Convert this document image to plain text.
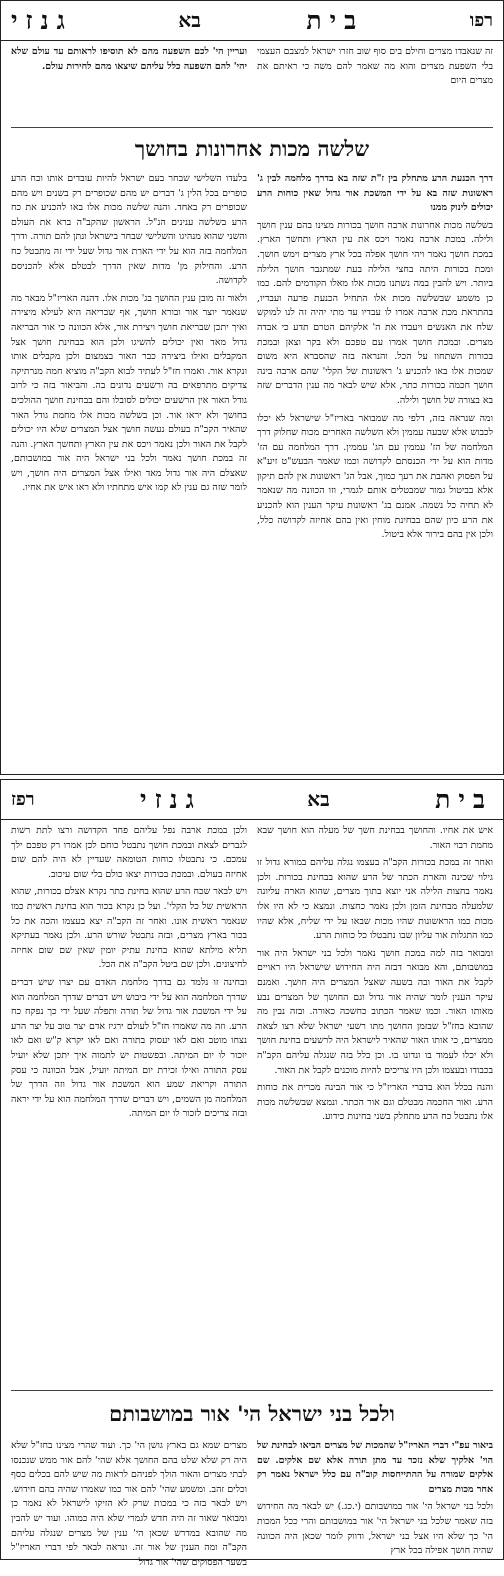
גנזי	בא	בית	רפו

זה שנאבדו מצרים וחילם בים סוף שוב חזרו ישראל למצבם העצמי בלי השפעת מצרים והוא מה שאמר להם משה כי ראיתם את מצרים היום

ועריין הי' לכם השפעה מהם לא תוסיפו לראותם עד עולם שלא יהי' להם השפעה כלל עליהם שיצאו מהם לחירות עולם.

שלשה מכות אחרונות בחושך

דרך הכנעת הרע מתחלק בין ז"ת שזה בא בדרך מלחמה לבין ג' ראשונות שזה בא על ידי המשכת אור גדול שאין כוחות הרע יכולים לינוק ממנו

בשלשה מכות אחרונות ארבה חושך בכורות מצינו בהם ענין חושך ולילה. במכת ארבה נאמר ויכס את עין הארץ ותחשך הארץ. במכת חושך נאמר ויהי חושך אפלה בכל ארץ מצרים וימש חושך. ומכת בכורות היתה בחצי הלילה בעת שמתגבר חושך הלילה ביותר. ויש להבין במה נשתנו מכות אלו מאלו הקודמים להם. כמו כן משמע שבשלשה מכות אלו התחיל הכנעת פרעה ועבדיו, בהתראת מכת ארבה אמרו לו עבדיו עד מתי יהיה זה לנו למוקש שלח את האנשים ויעבדו את ה' אלקיהם הטרם תדע כי אבדה מצרים. ובמכת חושך אמרו עם טפכם ולא בקר וצאן ובמכת בכורות השתחוו על הכל. והנראה בזה שהסברא היא משום שמכות אלו באו להכניע ג' ראשונות של הקלי' שהם ארבה בינה חושך חכמה בכורות כתר, אלא שיש לבאר מה ענין הדברים שזה בא בצורה של חושך ולילה.

ומה שנראה בזה, דלפי מה שמבואר באריז"ל שישראל לא יכלו לכבוש אלא שבעה עממין ולא השלשה האחרים מכוח שחלוק דרך המלחמה של הז' עממין עם הג' עממין. דרך המלחמה עם הז' מדות הוא על ידי הכנסתם לקדושה וכמו שאמר הבעש"ט זיע"א על הפסוק ואהבת את רעך כמוך, אבל הג' ראשונות אין להם תיקון אלא בביטול גמור שמבטלים אותם לגמרי, וזו הכוונה מה שנאמר לא תחיה כל נשמה. אמנם בג' ראשונות עיקר הענין הוא להכניע את הרע כיון שהם בבחינת מוחין ואין בהם אחיזה לקדושה כלל, ולכן אין בהם בירור אלא ביטול.

בלעדו השלישי שבחר בעם ישראל להיות עובדים אותו וכח הרע כופרים בכל הלין ג' דברים יש מהם שכופרים רק בשנים ויש מהם שכופרים רק באחד. והנה שלשה מכות אלו באו להכניע את כח הרע בשלשה ענינים הנ"ל. הראשון שהקב"ה ברא את העולם והשני שהוא מנהיגו והשלישי שבחר בישראל ונתן להם תורה. ודרך המלחמה בזה הוא על ידי הארת אור גדול שעל ידי זה מתבטל כח הרע. והחילוק מן' מדות שאין הדרך לבטלם אלא להכניסם לקדושה.

ולאור זה מובן ענין החושך בג' מכות אלו. דהנה האריז"ל מבאר מה שנאמר יוצר אור ובורא חושך, אף שבריאה היא לעילא מיצירה ואיך יתכן שבריאת חושך ויצירת אור, אלא הכוונה כי אור הבריאה גדול מאד ואין יכולים להשיגו ולכן הוא בבחינת חושך אצל המקבלים ואילו ביצירה כבר האור בצמצום ולכן מקבלים אותו ונקרא אור. ואמרו חז"ל לעתיד לבוא הקב"ה מוציא חמה מנרתיקה צדיקים מתרפאים בה ורשעים נדונים בה. והביאור בזה כי לרוב גודל האור אין הרשעים יכולים לסובלו והם בבחינת חושך ההולכים בחושך ולא יראו אור. וכן בשלשה מכות אלו מחמת גודל האור שהאיר הקב"ה בעולם נעשה חושך אצל המצרים שלא היו יכולים לקבל את האור ולכן נאמר ויכס את עין הארץ ותחשך הארץ. והנה זה במכת חושך נאמר ולכל בני ישראל היה אור במושבותם, שאצלם היה אור גדול מאד ואילו אצל המצרים היה חושך, ויש לומר שזה גם ענין לא קמו איש מתחתיו ולא ראו איש את אחיו.

רפז	גנזי	בא	בית

איש את אחיו. והחושך בבחינת חשך של מעלה הוא חושך שבא מחמת רבוי האור.

ואחר זה במכת בכורות הקב"ה בעצמו נגלה עליהם במורא גדול זו גילוי שכינה והארת הכתר של הרע שהוא בבחינת בכורות. ולכן נאמר בחצות הלילה אני יוצא בתוך מצרים, שהוא הארה עליונה שלמעלה מבחינת הזמן ולכן נאמר כחצות. ונמצא כי לא היו אלו מכות כמו הראשונות שהיו מכות שבאו על ידי שליח, אלא שהיו כמו התגלות אור עליון שבו נתבטלו כל כוחות הרע.

ומבואר בזה למה במכת חושך נאמר ולכל בני ישראל היה אור במושבותם, והא מבואר דבזה היה החידוש שישראל היו ראויים לקבל את האור ובה בשעה שאצל המצרים היה חושך. ואמנם עיקר הענין לומר שהיה אור גדול וגם החושך של המצרים נבע מאותו האור. וכמו שאמר הכתוב כחשכה כאורה. ובזה נבין מה שהובא בחז"ל שבזמן החושך מתו רשעי ישראל שלא רצו לצאת ממצרים, כי אותו האור שהאיר לישראל היה לרשעים בחינת חושך ולא יכלו לעמוד בו ונדונו בו. וכן כלל בזה שנגלה עליהם הקב"ה בכבודו ובעצמו ולכן היו צריכים להיות מוכנים לקבל את האור.

והנה בכלל הוא בדברי האריז"ל כי אור הבינה מכרית את כוחות הרע. ואור החכמה מבטלם וגם אור הכתר. ונמצא שבשלשה מכות אלו נתבטל כח הרע מתחלק בשני בחינות כידוע.

ולכן במכת ארבה נפל עליהם פחד הקדושה ורצו לתת רשות לגברים לצאת ובמכת חושך נתבטל כוחם לכן אמרו רק טפכם ילך עמכם. כי נתבטלו כוחות הטומאה שעדיין לא היה להם שום אחיזה בעולם. ובמכת בכורות יצאו כולם בלי שום עיכוב.

ויש לבאר שכח הרע שהוא בחינת כתר נקרא אצלם בכורות, שהוא הראשית של כל הקלי'. ועל כן נקרא בכור הוא בחינת ראשית כמו שנאמר ראשית אונו. ואחר זה הקב"ה יצא בעצמו והכה את כל בכור בארץ מצרים, ובזה נתבטל שורש הרע. ולכן נאמר בעתיקא תליא מילתא שהוא בחינת עתיק יומין שאין שם שום אחיזה לחיצונים. ולכן שם ביטל הקב"ה את הכל.

ובחינה זו נלמד גם בדרך מלחמת האדם עם יצרו שיש דברים שדרך המלחמה הוא על ידי כיבוש ויש דברים שדרך המלחמה הוא על ידי המשכת אור גדול של תורה ותפלה שעל ידי כך נפקח כח הרע. וזה מה שאמרו חז"ל לעולם ירגיז אדם יצר טוב על יצר הרע נצחו מוטב ואם לאו יעסוק בתורה ואם לאו יקרא ק"ש ואם לאו יזכור לו יום המיתה. ובפשטות יש לתמוה איך יתכן שלא יועיל עסק התורה ואילו זכירת יום המיתה יועיל, אבל הכוונה כי עסק התורה וקריאת שמע הוא המשכת אור גדול וזה הדרך של המלחמה מן השמים, ויש דברים שדרך המלחמה הוא על ידי יראה ובזה צריכים לזכור לו יום המיתה.

ולכל בני ישראל הי' אור במושבותם

ביאור עפ"י דברי האריז"ל שהמכות של מצרים הביאו לבחינת של הוי' אלקיך שלא נזכר עד מתן תורה אלא שם אלקים. שם אלקים שמורה על ההתייחסות קוב"ה עם כלל ישראל נאמר רק אחר מכות מצרים

ולכל בני ישראל הי' אור במושבותם (י.כג.) יש לבאר מה החידוש בזה שאמר שלכל בני ישראל הי' אור במושבותם והרי ככל המכות הי' כך שלא היו אצל בני ישראל, ודווק לומר שכאן היה הכוונה שהיה חושך אפילה בכל ארץ

מצרים שמא גם בארץ גושן הי' כך. ועוד שהרי מצינו בחז"ל שלא היה רק שלא שלט בהם החושך אלא שהי' להם אור ממש שנכנסו לבתי מצרים והאור הולך לפניהם לראות מה שיש להם בכלים כסף וכלים זהב. ומשמע שהי' להם אור כמו שאמרו שהיה בהם חידוש. ויש לבאר בזה כי במכות שרק לא הזיקו לישראל לא נאמר כן ומבואר שאור זה היה חדש לגמרי שלא היה כמוהו. ועוד יש להבין מה שהובא במדרש שכאן הי' ענין של מצרים שנגלה עליהם הקב"ה ומה הענין של אור זה. ונראה לבאר לפי דברי האריז"ל בשער הפסוקים שהי' אור גדול
